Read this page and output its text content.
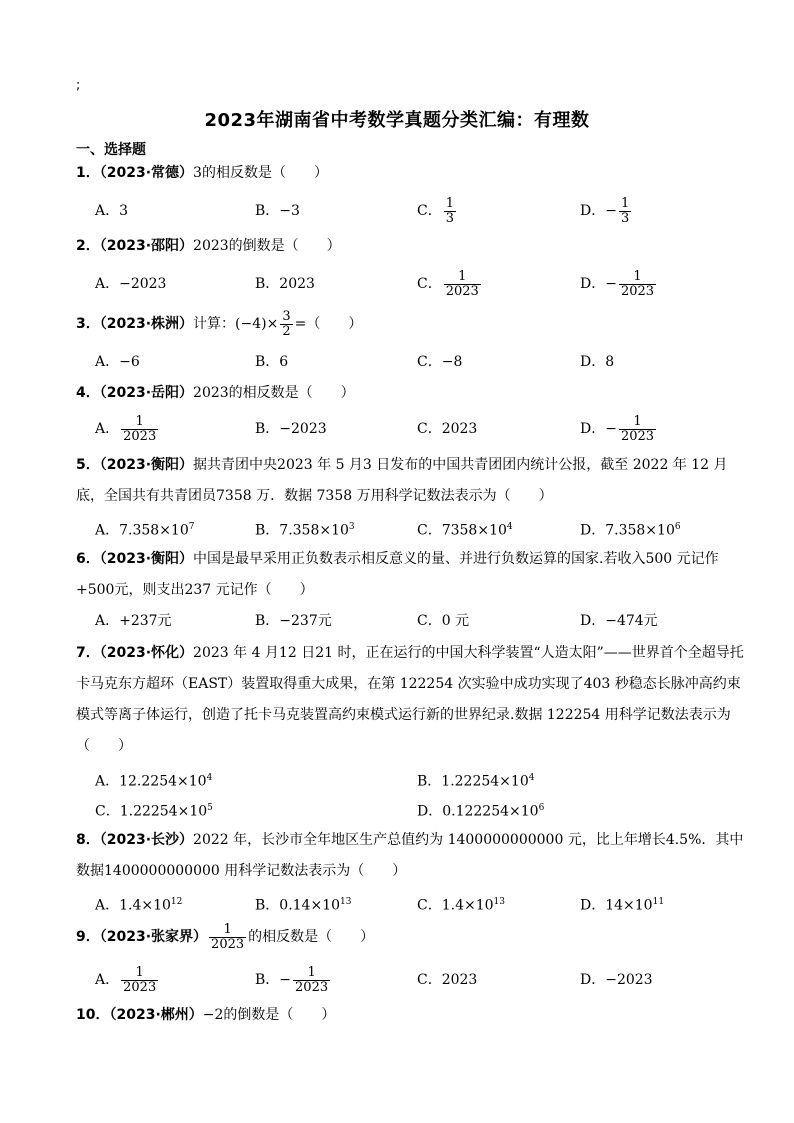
;
2023年湖南省中考数学真题分类汇编：有理数
一、选择题
1．（2023·常德）3的相反数是（　　）
A．3	B．−3	C． $\frac{1}{3}$	D．− $\frac{1}{3}$
2．（2023·邵阳）2023的倒数是（　　）
A．−2023	B．2023	C． $\frac{1}{2023}$	D．− $\frac{1}{2023}$
3．（2023·株洲）计算：$(-4)\times \frac{3}{2}$ =（　　）
A．−6	B．6	C．−8	D．8
4．（2023·岳阳）2023的相反数是（　　）
A． $\frac{1}{2023}$	B．−2023	C．2023	D．− $\frac{1}{2023}$
5．（2023·衡阳）据共青团中央2023 年 5 月3 日发布的中国共青团团内统计公报，截至 2022 年 12 月底，全国共有共青团员7358 万．数据 7358 万用科学记数法表示为（　　）
A．$7.358\times 10^7$	B．$7.358\times 10^3$	C．$7358\times 10^4$	D．$7.358\times 10^6$
6．（2023·衡阳）中国是最早采用正负数表示相反意义的量、并进行负数运算的国家.若收入500 元记作 +500元，则支出237 元记作（　　）
A．+237元	B．−237元	C．0 元	D．−474元
7．（2023·怀化）2023 年 4 月12 日21 时，正在运行的中国大科学装置“人造太阳”——世界首个全超导托卡马克东方超环（EAST）装置取得重大成果，在第 122254 次实验中成功实现了403 秒稳态长脉冲高约束模式等离子体运行，创造了托卡马克装置高约束模式运行新的世界纪录.数据 122254 用科学记数法表示为（　　）
A．$12.2254\times 10^4$	B．$1.22254\times 10^4$
C．$1.22254\times 10^5$	D．$0.122254\times 10^6$
8．（2023·长沙）2022 年，长沙市全年地区生产总值约为 1400000000000 元，比上年增长4.5%．其中数据1400000000000 用科学记数法表示为（　　）
A．$1.4\times 10^{12}$	B．$0.14\times 10^{13}$	C．$1.4\times 10^{13}$	D．$14\times 10^{11}$
9．（2023·张家界） $\frac{1}{2023}$ 的相反数是（　　）
A． $\frac{1}{2023}$	B．− $\frac{1}{2023}$	C．2023	D．−2023
10．（2023·郴州）−2的倒数是（　　）
